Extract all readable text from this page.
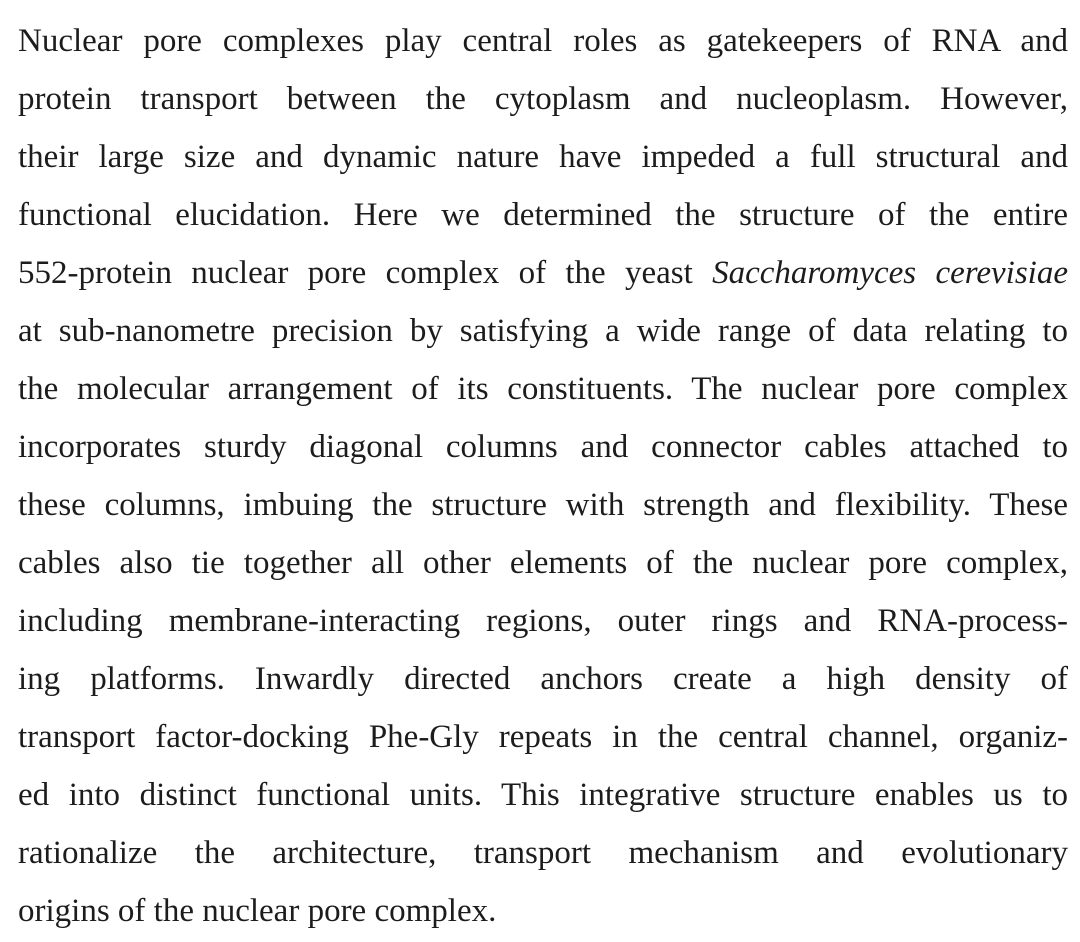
Nuclear pore complexes play central roles as gatekeepers of RNA and
protein transport between the cytoplasm and nucleoplasm. However,
their large size and dynamic nature have impeded a full structural and
functional elucidation. Here we determined the structure of the entire
552-protein nuclear pore complex of the yeast Saccharomyces cerevisiae
at sub-nanometre precision by satisfying a wide range of data relating to
the molecular arrangement of its constituents. The nuclear pore complex
incorporates sturdy diagonal columns and connector cables attached to
these columns, imbuing the structure with strength and flexibility. These
cables also tie together all other elements of the nuclear pore complex,
including membrane-interacting regions, outer rings and RNA-process-
ing platforms. Inwardly directed anchors create a high density of
transport factor-docking Phe-Gly repeats in the central channel, organiz-
ed into distinct functional units. This integrative structure enables us to
rationalize the architecture, transport mechanism and evolutionary
origins of the nuclear pore complex.
